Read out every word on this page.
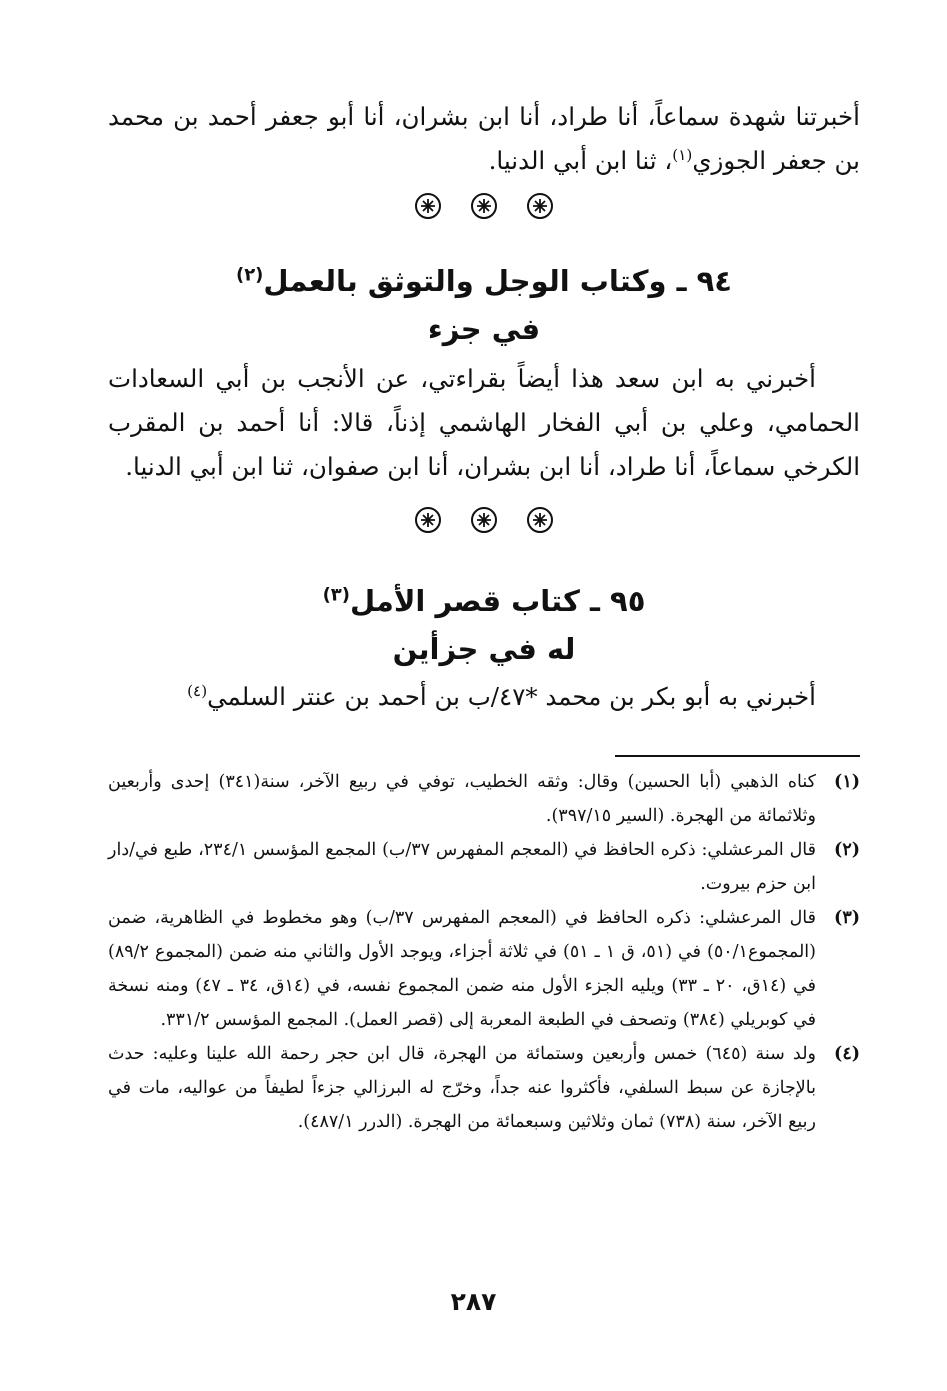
أخبرتنا شهدة سماعاً، أنا طراد، أنا ابن بشران، أنا أبو جعفر أحمد بن محمد بن جعفر الجوزي$^{(١)}$، ثنا ابن أبي الدنيا.

٩٤ ـ وكتاب الوجل والتوثق بالعمل$^{(٢)}$
في جزء

أخبرني به ابن سعد هذا أيضاً بقراءتي، عن الأنجب بن أبي السعادات الحمامي، وعلي بن أبي الفخار الهاشمي إذناً، قالا: أنا أحمد بن المقرب الكرخي سماعاً، أنا طراد، أنا ابن بشران، أنا ابن صفوان، ثنا ابن أبي الدنيا.

٩٥ ـ كتاب قصر الأمل$^{(٣)}$
له في جزأين

أخبرني به أبو بكر بن محمد *٤٧/ب بن أحمد بن عنتر السلمي$^{(٤)}$

(١)
كناه الذهبي (أبا الحسين) وقال: وثقه الخطيب، توفي في ربيع الآخر، سنة(٣٤١) إحدى وأربعين وثلاثمائة من الهجرة. (السير ٣٩٧/١٥).
(٢)
قال المرعشلي: ذكره الحافظ في (المعجم المفهرس ٣٧/ب) المجمع المؤسس ٢٣٤/١، طبع في/دار ابن حزم بيروت.
(٣)
قال المرعشلي: ذكره الحافظ في (المعجم المفهرس ٣٧/ب) وهو مخطوط في الظاهرية، ضمن (المجموع٥٠/١) في (٥١، ق ١ ـ ٥١) في ثلاثة أجزاء، ويوجد الأول والثاني منه ضمن (المجموع ٨٩/٢) في (١٤ق، ٢٠ ـ ٣٣) ويليه الجزء الأول منه ضمن المجموع نفسه، في (١٤ق، ٣٤ ـ ٤٧) ومنه نسخة في كوبريلي (٣٨٤) وتصحف في الطبعة المعربة إلى (قصر العمل). المجمع المؤسس ٣٣١/٢.
(٤)
ولد سنة (٦٤٥) خمس وأربعين وستمائة من الهجرة، قال ابن حجر رحمة الله علينا وعليه: حدث بالإجازة عن سبط السلفي، فأكثروا عنه جداً، وخرّج له البرزالي جزءاً لطيفاً من عواليه، مات في ربيع الآخر، سنة (٧٣٨) ثمان وثلاثين وسبعمائة من الهجرة. (الدرر ٤٨٧/١).
٢٨٧
